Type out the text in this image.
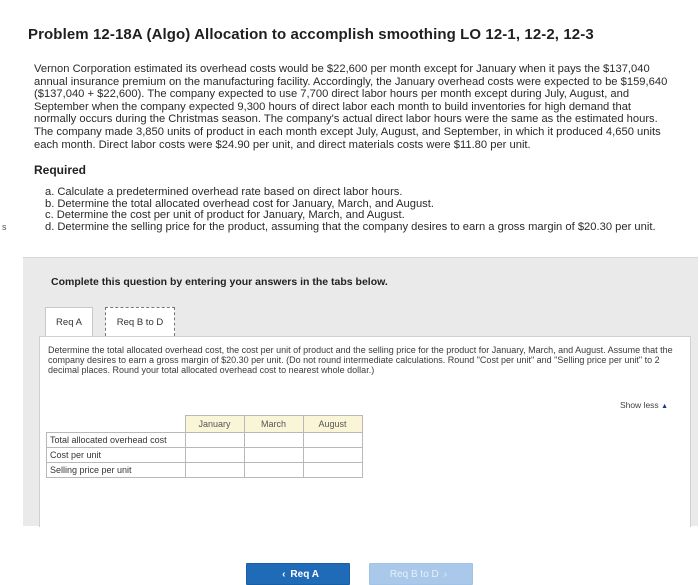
s
Problem 12-18A (Algo) Allocation to accomplish smoothing LO 12-1, 12-2, 12-3

Vernon Corporation estimated its overhead costs would be $22,600 per month except for January when it pays the $137,040 annual insurance premium on the manufacturing facility. Accordingly, the January overhead costs were expected to be $159,640 ($137,040 + $22,600). The company expected to use 7,700 direct labor hours per month except during July, August, and September when the company expected 9,300 hours of direct labor each month to build inventories for high demand that normally occurs during the Christmas season. The company's actual direct labor hours were the same as the estimated hours. The company made 3,850 units of product in each month except July, August, and September, in which it produced 4,650 units each month. Direct labor costs were $24.90 per unit, and direct materials costs were $11.80 per unit.

Required
a. Calculate a predetermined overhead rate based on direct labor hours.
b. Determine the total allocated overhead cost for January, March, and August.
c. Determine the cost per unit of product for January, March, and August.
d. Determine the selling price for the product, assuming that the company desires to earn a gross margin of $20.30 per unit.
Complete this question by entering your answers in the tabs below.
Req A	Req B to D

Determine the total allocated overhead cost, the cost per unit of product and the selling price for the product for January, March, and August. Assume that the company desires to earn a gross margin of $20.30 per unit. (Do not round intermediate calculations. Round "Cost per unit" and "Selling price per unit" to 2 decimal places. Round your total allocated overhead cost to nearest whole dollar.)

Show less ▲
	January	March	August
Total allocated overhead cost			
Cost per unit			
Selling price per unit			
‹ Req A	Req B to D ›
